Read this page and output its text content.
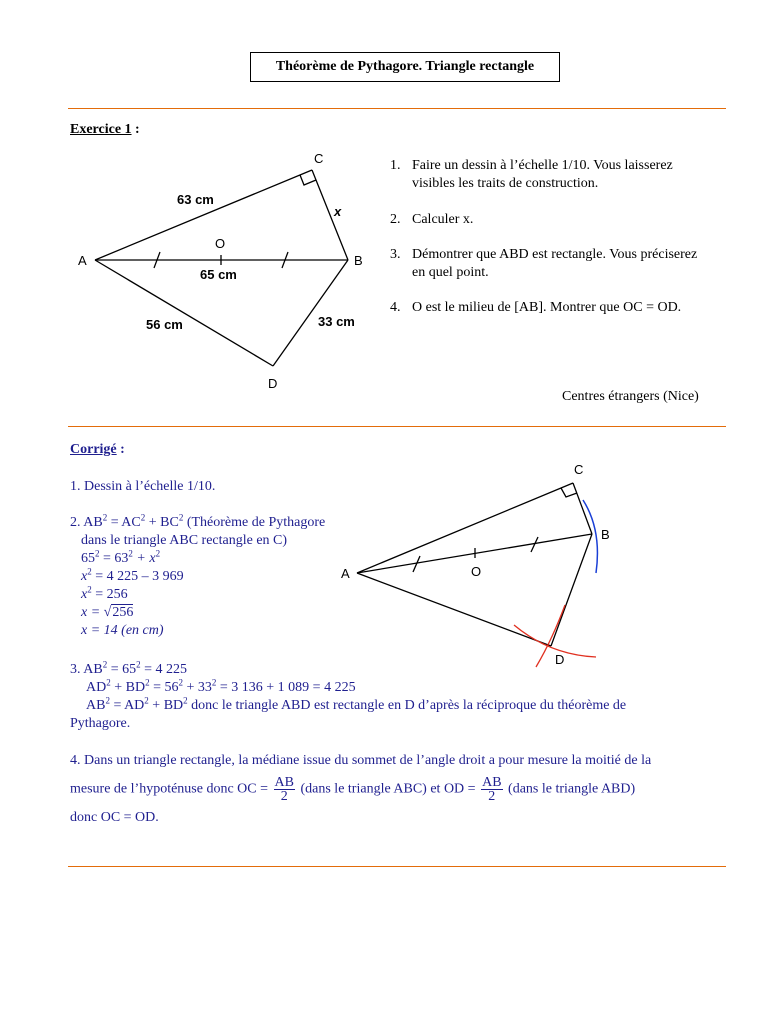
Théorème de Pythagore. Triangle rectangle
Exercice 1 :
A	B
C
D
O
63 cm
65 cm
56 cm	33 cm
x
1. Faire un dessin à l’échelle 1/10. Vous laisserez visibles les traits de construction.
2. Calculer x.
3. Démontrer que ABD est rectangle. Vous préciserez en quel point.
4. O est le milieu de [AB]. Montrer que OC = OD.
Centres étrangers (Nice)
Corrigé :
1. Dessin à l’échelle 1/10.
2. $AB^2 = AC^2 + BC^2$ (Théorème de Pythagore
dans le triangle ABC rectangle en C)
$65^2 = 63^2 + x^2$
$x^2 = 4$ 225 – 3 969
$x^2 = 256$
x = √256
x = 14 (en cm)
3. $AB^2 = 65^2 = 4$ 225
$AD^2 + BD^2 = 56^2 + 33^2 = 3$ 136 + 1 089 = 4 225
$AB^2 = AD^2 + BD^2$ donc le triangle ABD est rectangle en D d’après la réciproque du théorème de
Pythagore.
4. Dans un triangle rectangle, la médiane issue du sommet de l’angle droit a pour mesure la moitié de la
mesure de l’hypoténuse donc OC = $\frac{AB}{2}$ (dans le triangle ABC) et OD = $\frac{AB}{2}$ (dans le triangle ABD)
donc OC = OD.
A
B
C
D
O
